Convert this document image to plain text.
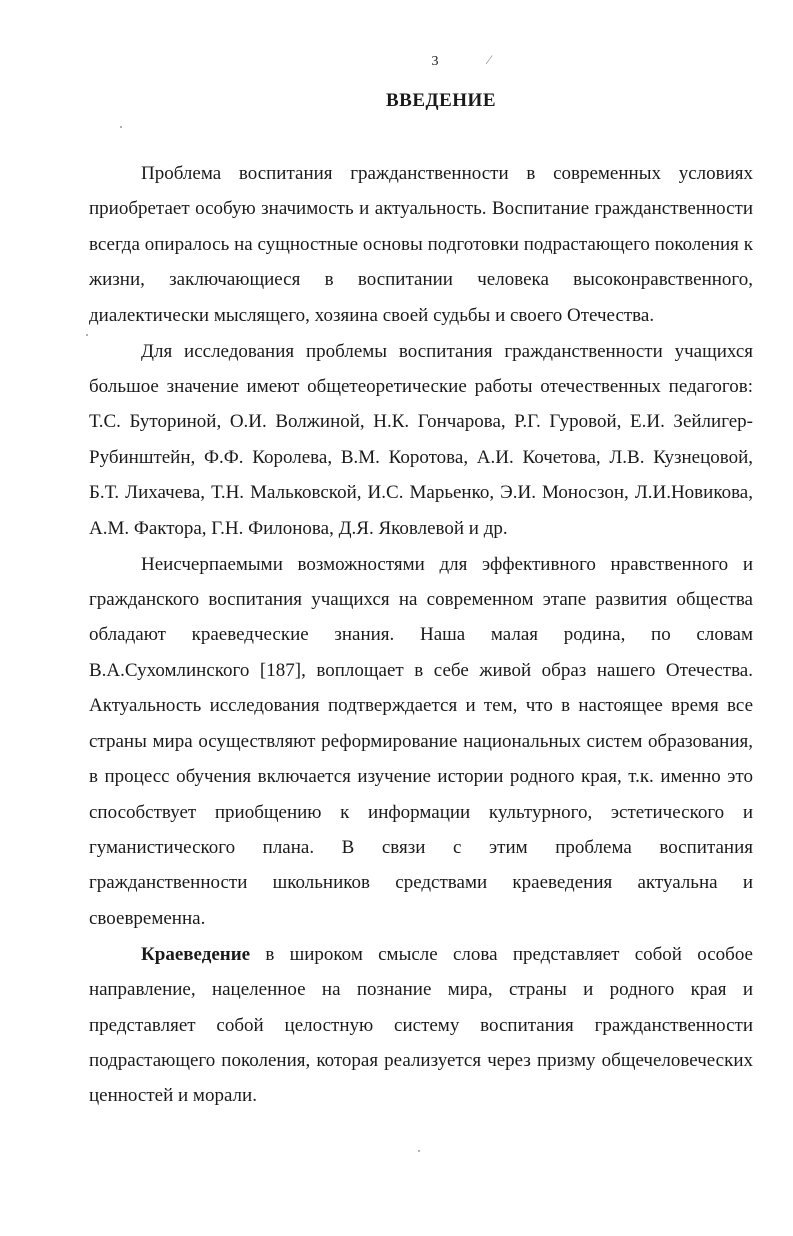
3	⁄
ВВЕДЕНИЕ

Проблема воспитания гражданственности в современных условиях приобретает особую значимость и актуальность. Воспитание гражданственности всегда опиралось на сущностные основы подготовки подрастающего поколения к жизни, заключающиеся в воспитании человека высоконравственного, диалектически мыслящего, хозяина своей судьбы и своего Отечества.

Для исследования проблемы воспитания гражданственности учащихся большое значение имеют общетеоретические работы отечественных педагогов: Т.С. Буториной, О.И. Волжиной, Н.К. Гончарова, Р.Г. Гуровой, Е.И. Зейлигер-Рубинштейн, Ф.Ф. Королева, В.М. Коротова, А.И. Кочетова, Л.В. Кузнецовой, Б.Т. Лихачева, Т.Н. Мальковской, И.С. Марьенко, Э.И. Моносзон, Л.И.Новикова, А.М. Фактора, Г.Н. Филонова, Д.Я. Яковлевой и др.

Неисчерпаемыми возможностями для эффективного нравственного и гражданского воспитания учащихся на современном этапе развития общества обладают краеведческие знания. Наша малая родина, по словам В.А.Сухомлинского [187], воплощает в себе живой образ нашего Отечества. Актуальность исследования подтверждается и тем, что в настоящее время все страны мира осуществляют реформирование национальных систем образования, в процесс обучения включается изучение истории родного края, т.к. именно это способствует приобщению к информации культурного, эстетического и гуманистического плана. В связи с этим проблема воспитания гражданственности школьников средствами краеведения актуальна и своевременна.

Краеведение в широком смысле слова представляет собой особое направление, нацеленное на познание мира, страны и родного края и представляет собой целостную систему воспитания гражданственности подрастающего поколения, которая реализуется через призму общечеловеческих ценностей и морали.
